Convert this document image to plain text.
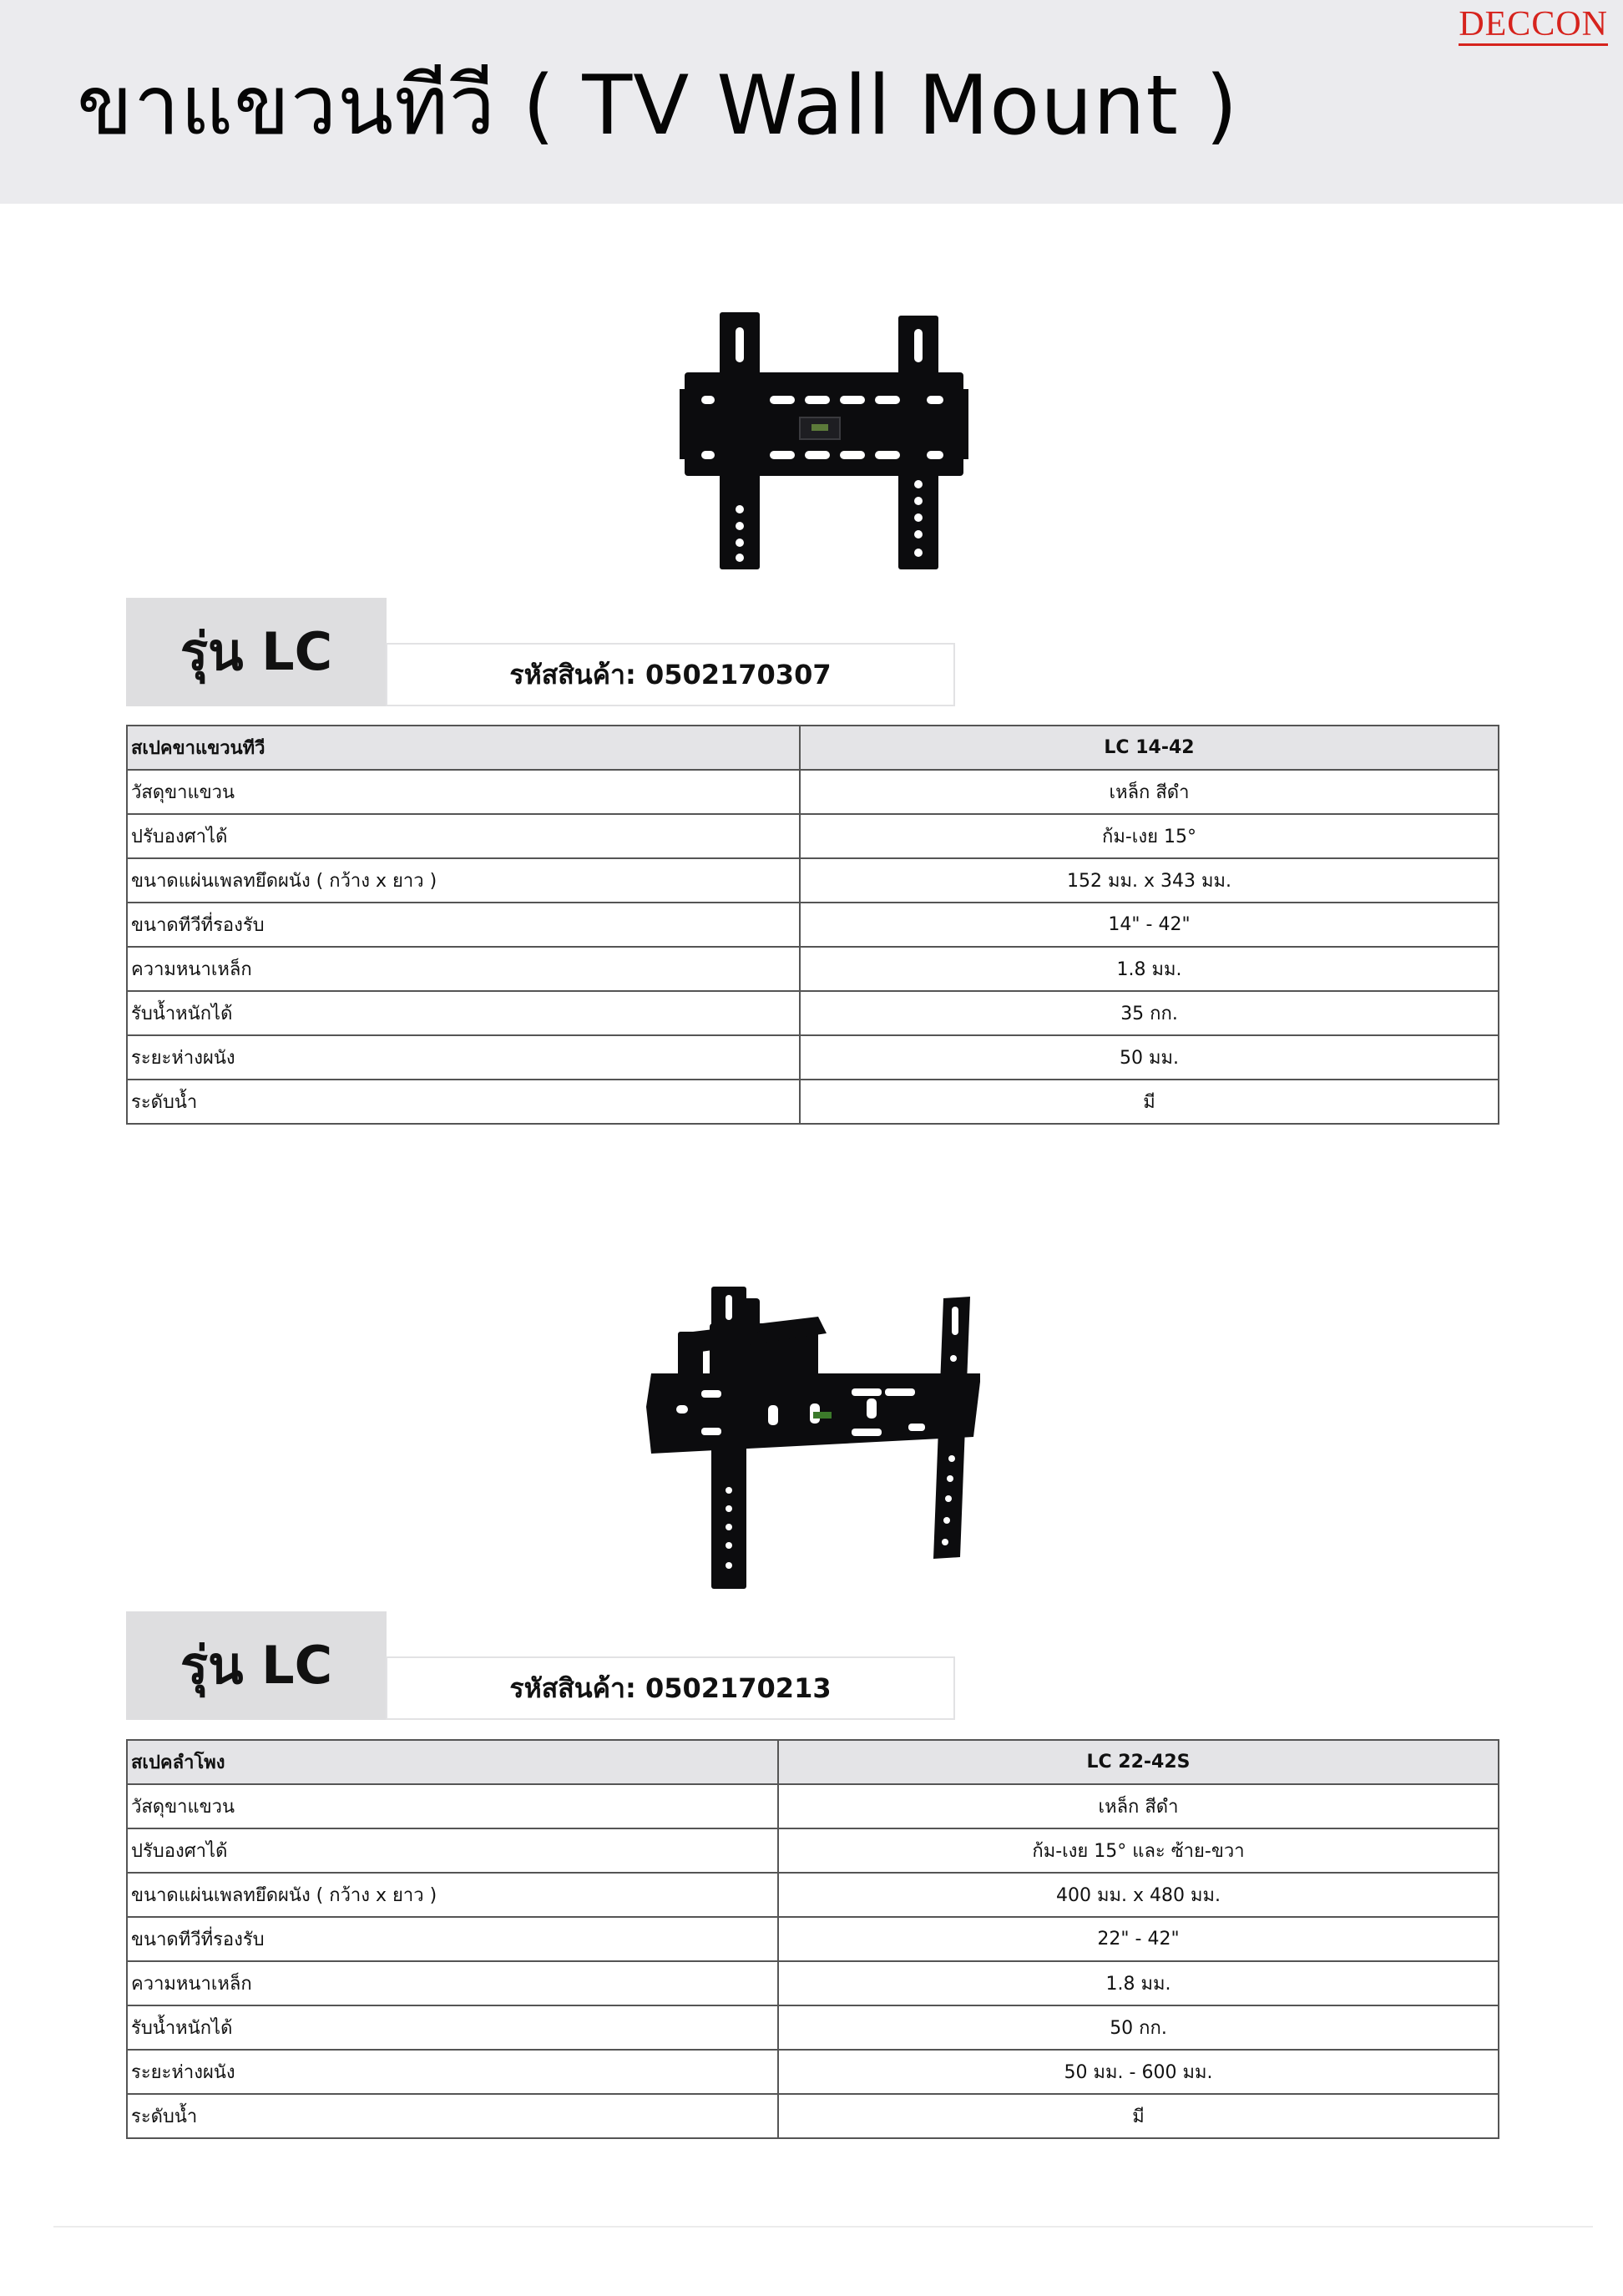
ขาแขวนทีวี ( TV Wall Mount )
DECCON
รุ่น LC	รหัสสินค้า:
0502170307
สเปคขาแขวนทีวี	LC 14-42
วัสดุขาแขวน	เหล็ก สีดำ
ปรับองศาได้	ก้ม-เงย 15°
ขนาดแผ่นเพลทยึดผนัง ( กว้าง x ยาว )	152 มม. x 343 มม.
ขนาดทีวีที่รองรับ	14" - 42"
ความหนาเหล็ก	1.8 มม.
รับน้ำหนักได้	35 กก.
ระยะห่างผนัง	50 มม.
ระดับน้ำ	มี
รุ่น LC	รหัสสินค้า:
0502170213
สเปคลำโพง	LC 22-42S
วัสดุขาแขวน	เหล็ก สีดำ
ปรับองศาได้	ก้ม-เงย 15° และ ซ้าย-ขวา
ขนาดแผ่นเพลทยึดผนัง ( กว้าง x ยาว )	400 มม. x 480 มม.
ขนาดทีวีที่รองรับ	22" - 42"
ความหนาเหล็ก	1.8 มม.
รับน้ำหนักได้	50 กก.
ระยะห่างผนัง	50 มม. - 600 มม.
ระดับน้ำ	มี
